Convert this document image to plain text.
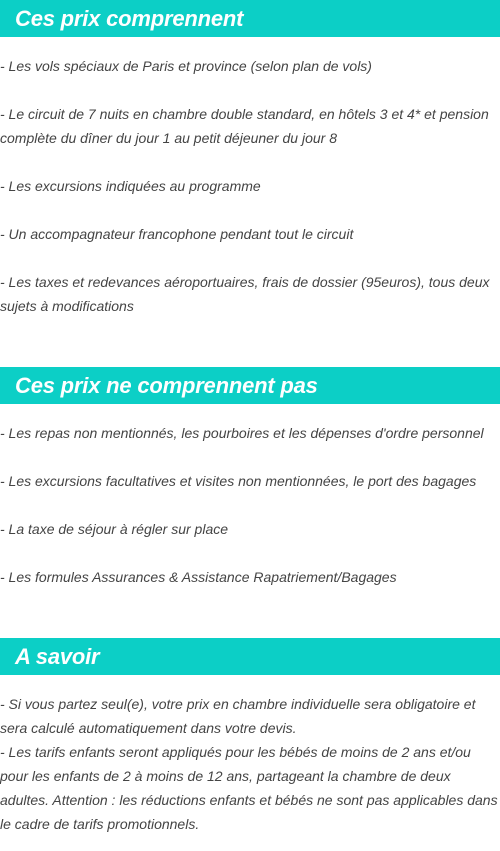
Ces prix comprennent

- Les vols spéciaux de Paris et province (selon plan de vols)

- Le circuit de 7 nuits en chambre double standard, en hôtels 3 et 4* et pension complète du dîner du jour 1 au petit déjeuner du jour 8

- Les excursions indiquées au programme

- Un accompagnateur francophone pendant tout le circuit

- Les taxes et redevances aéroportuaires, frais de dossier (95euros), tous deux sujets à modifications

Ces prix ne comprennent pas

- Les repas non mentionnés, les pourboires et les dépenses d'ordre personnel

- Les excursions facultatives et visites non mentionnées, le port des bagages

- La taxe de séjour à régler sur place

- Les formules Assurances & Assistance Rapatriement/Bagages

A savoir

- Si vous partez seul(e), votre prix en chambre individuelle sera obligatoire et sera calculé automatiquement dans votre devis.

- Les tarifs enfants seront appliqués pour les bébés de moins de 2 ans et/ou pour les enfants de 2 à moins de 12 ans, partageant la chambre de deux adultes. Attention : les réductions enfants et bébés ne sont pas applicables dans le cadre de tarifs promotionnels.
